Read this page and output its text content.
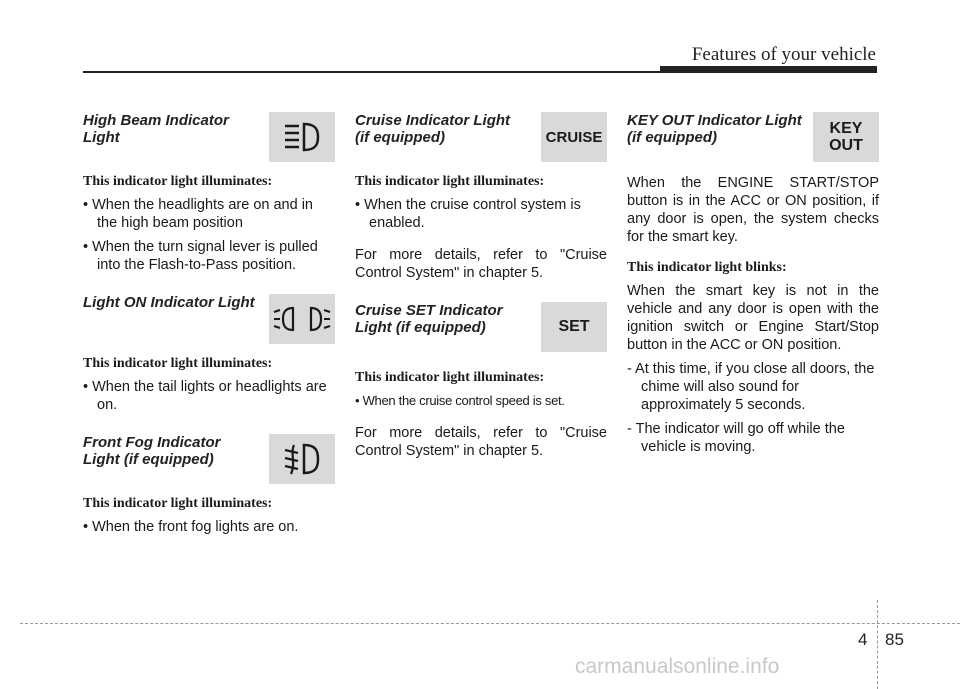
Features of your vehicle
High Beam Indicator
Light

This indicator light illuminates:

• When the headlights are on and in the high beam position

• When the turn signal lever is pulled into the Flash-to-Pass position.

Light ON Indicator Light

This indicator light illuminates:

• When the tail lights or headlights are on.

Front Fog Indicator
Light (if equipped)

This indicator light illuminates:

• When the front fog lights are on.

Cruise Indicator Light
(if equipped)	CRUISE

This indicator light illuminates:

• When the cruise control system is enabled.

For more details, refer to "Cruise Control System" in chapter 5.

Cruise SET Indicator
Light (if equipped)	SET

This indicator light illuminates:

• When the cruise control speed is set.

For more details, refer to "Cruise Control System" in chapter 5.

KEY OUT Indicator Light
(if equipped)
KEY
OUT

When the ENGINE START/STOP button is in the ACC or ON position, if any door is open, the system checks for the smart key.

This indicator light blinks:

When the smart key is not in the vehicle and any door is open with the ignition switch or Engine Start/Stop button in the ACC or ON position.

- At this time, if you close all doors, the chime will also sound for approximately 5 seconds.

- The indicator will go off while the vehicle is moving.

4 85
carmanualsonline.info
